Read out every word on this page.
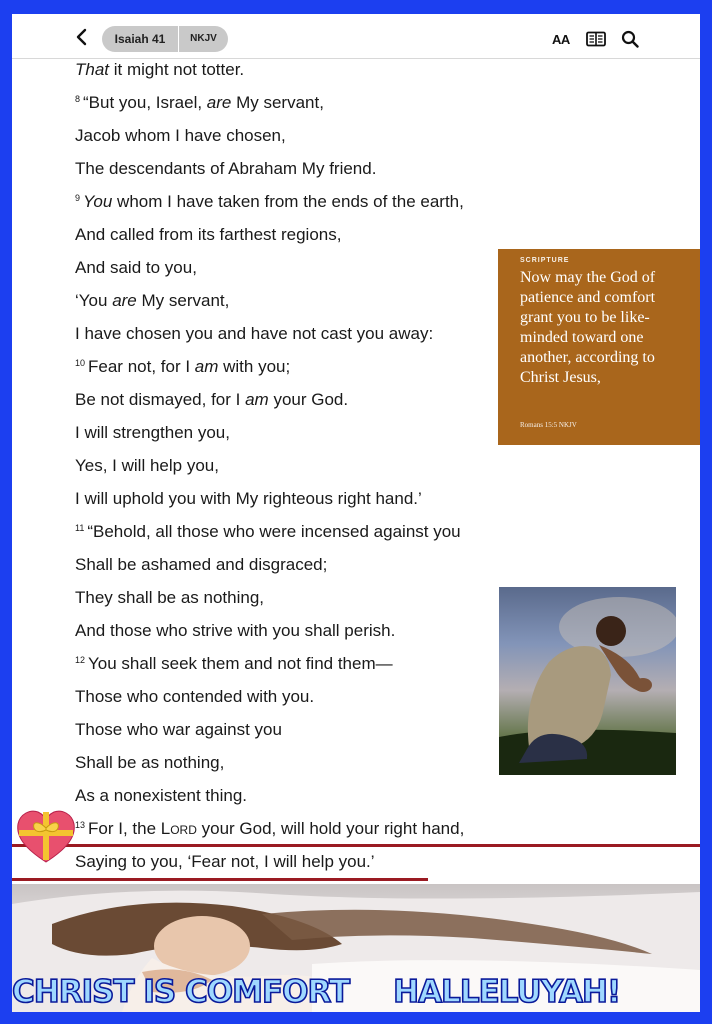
Isaiah 41	NKJV	AA
That it might not totter.
$^8$ “But you, Israel, are My servant,
Jacob whom I have chosen,
The descendants of Abraham My friend.
$^9$ You whom I have taken from the ends of the earth,
And called from its farthest regions,
And said to you,
‘You are My servant,
I have chosen you and have not cast you away:
$^{10}$ Fear not, for I am with you;
Be not dismayed, for I am your God.
I will strengthen you,
Yes, I will help you,
I will uphold you with My righteous right hand.’
$^{11}$ “Behold, all those who were incensed against you
Shall be ashamed and disgraced;
They shall be as nothing,
And those who strive with you shall perish.
$^{12}$ You shall seek them and not find them—
Those who contended with you.
Those who war against you
Shall be as nothing,
As a nonexistent thing.
$^{13}$ For I, the Lord your God, will hold your right hand,
Saying to you, ‘Fear not, I will help you.’
SCRIPTURE
Now may the God of patience and comfort grant you to be like-minded toward one another, according to Christ Jesus,
Romans 15:5 NKJV
CHRIST IS COMFORT HALLELUYAH!
